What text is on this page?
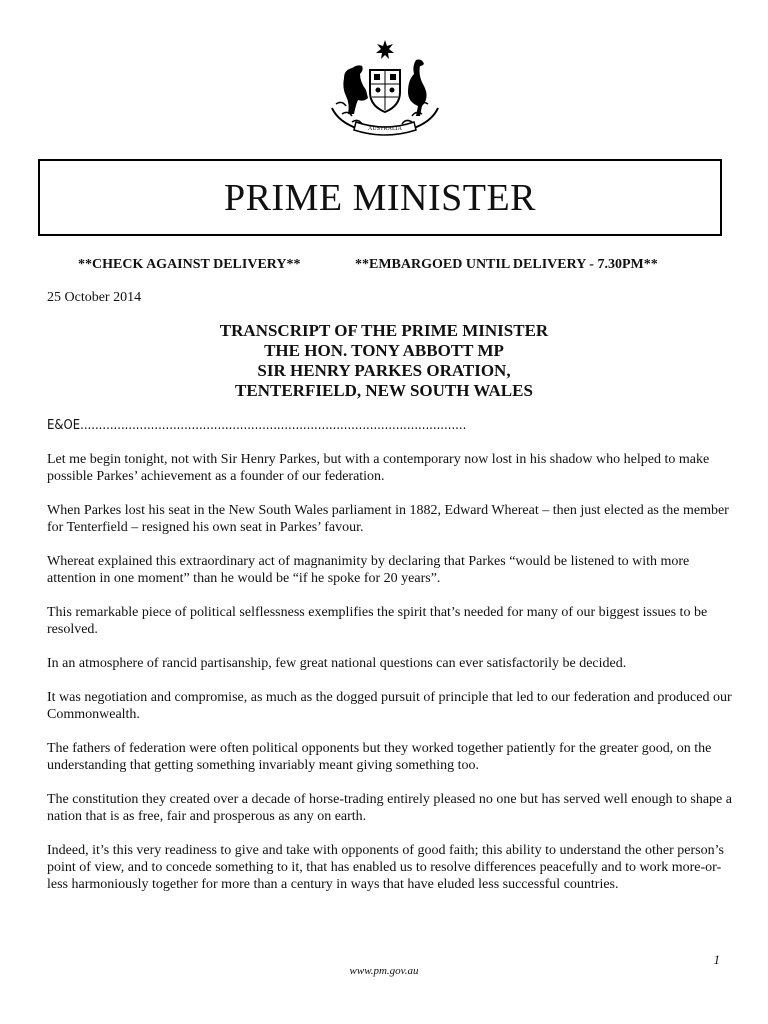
AUSTRALIA
PRIME MINISTER
**CHECK AGAINST DELIVERY**	**EMBARGOED UNTIL DELIVERY - 7.30PM**
25 October 2014
TRANSCRIPT OF THE PRIME MINISTER
THE HON. TONY ABBOTT MP
SIR HENRY PARKES ORATION,
TENTERFIELD, NEW SOUTH WALES
E&OE........................................................................................................

Let me begin tonight, not with Sir Henry Parkes, but with a contemporary now lost in his shadow who helped to make possible Parkes’ achievement as a founder of our federation.

When Parkes lost his seat in the New South Wales parliament in 1882, Edward Whereat – then just elected as the member for Tenterfield – resigned his own seat in Parkes’ favour.

Whereat explained this extraordinary act of magnanimity by declaring that Parkes “would be listened to with more attention in one moment” than he would be “if he spoke for 20 years”.

This remarkable piece of political selflessness exemplifies the spirit that’s needed for many of our biggest issues to be resolved.

In an atmosphere of rancid partisanship, few great national questions can ever satisfactorily be decided.

It was negotiation and compromise, as much as the dogged pursuit of principle that led to our federation and produced our Commonwealth.

The fathers of federation were often political opponents but they worked together patiently for the greater good, on the understanding that getting something invariably meant giving something too.

The constitution they created over a decade of horse-trading entirely pleased no one but has served well enough to shape a nation that is as free, fair and prosperous as any on earth.

Indeed, it’s this very readiness to give and take with opponents of good faith; this ability to understand the other person’s point of view, and to concede something to it, that has enabled us to resolve differences peacefully and to work more-or-less harmoniously together for more than a century in ways that have eluded less successful countries.

1
www.pm.gov.au
